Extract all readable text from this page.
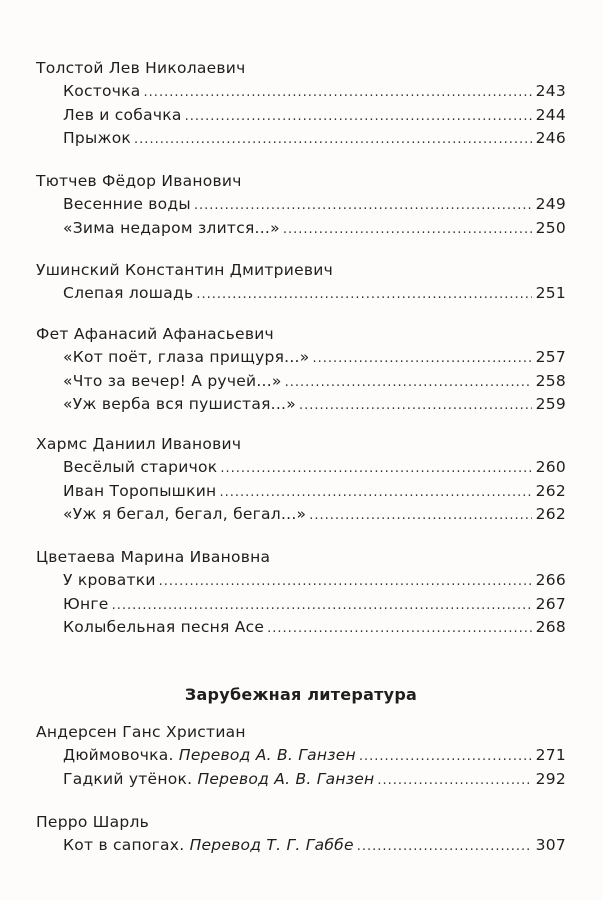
Толстой Лев Николаевич
Косточка .....	243
Лев и собачка .....	244
Прыжок .....	246
Тютчев Фёдор Иванович
Весенние воды .....	249
«Зима недаром злится...» .....	250
Ушинский Константин Дмитриевич
Слепая лошадь .....	251
Фет Афанасий Афанасьевич
«Кот поёт, глаза прищуря...» .....	257
«Что за вечер! А ручей...» .....	258
«Уж верба вся пушистая...» .....	259
Хармс Даниил Иванович
Весёлый старичок .....	260
Иван Торопышкин .....	262
«Уж я бегал, бегал, бегал...» .....	262
Цветаева Марина Ивановна
У кроватки .....	266
Юнге .....	267
Колыбельная песня Асе .....	268
Зарубежная литература
Андерсен Ганс Христиан
Дюймовочка. Перевод А. В. Ганзен .....	271
Гадкий утёнок. Перевод А. В. Ганзен .....	292
Перро Шарль
Кот в сапогах. Перевод Т. Г. Габбе .....	307
